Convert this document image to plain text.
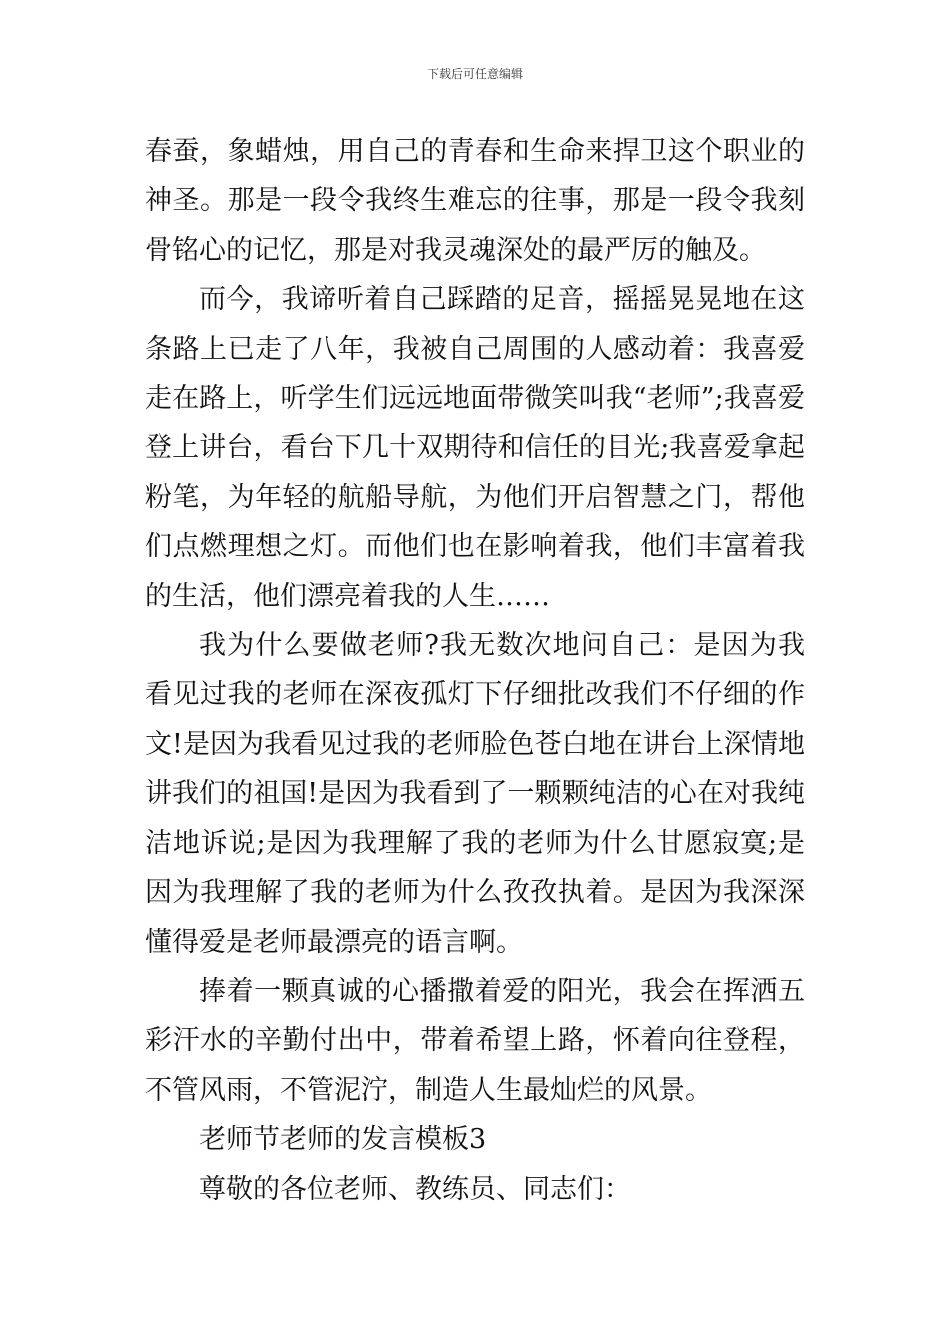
下载后可任意编辑

春蚕，象蜡烛，用自己的青春和生命来捍卫这个职业的神圣。那是一段令我终生难忘的往事，那是一段令我刻骨铭心的记忆，那是对我灵魂深处的最严厉的触及。

而今，我谛听着自己踩踏的足音，摇摇晃晃地在这条路上已走了八年，我被自己周围的人感动着：我喜爱走在路上，听学生们远远地面带微笑叫我“老师”;我喜爱登上讲台，看台下几十双期待和信任的目光;我喜爱拿起粉笔，为年轻的航船导航，为他们开启智慧之门，帮他们点燃理想之灯。而他们也在影响着我，他们丰富着我的生活，他们漂亮着我的人生……

我为什么要做老师?我无数次地问自己：是因为我看见过我的老师在深夜孤灯下仔细批改我们不仔细的作文!是因为我看见过我的老师脸色苍白地在讲台上深情地讲我们的祖国!是因为我看到了一颗颗纯洁的心在对我纯洁地诉说;是因为我理解了我的老师为什么甘愿寂寞;是因为我理解了我的老师为什么孜孜执着。是因为我深深懂得爱是老师最漂亮的语言啊。

捧着一颗真诚的心播撒着爱的阳光，我会在挥洒五彩汗水的辛勤付出中，带着希望上路，怀着向往登程，不管风雨，不管泥泞，制造人生最灿烂的风景。

老师节老师的发言模板3

尊敬的各位老师、教练员、同志们：
